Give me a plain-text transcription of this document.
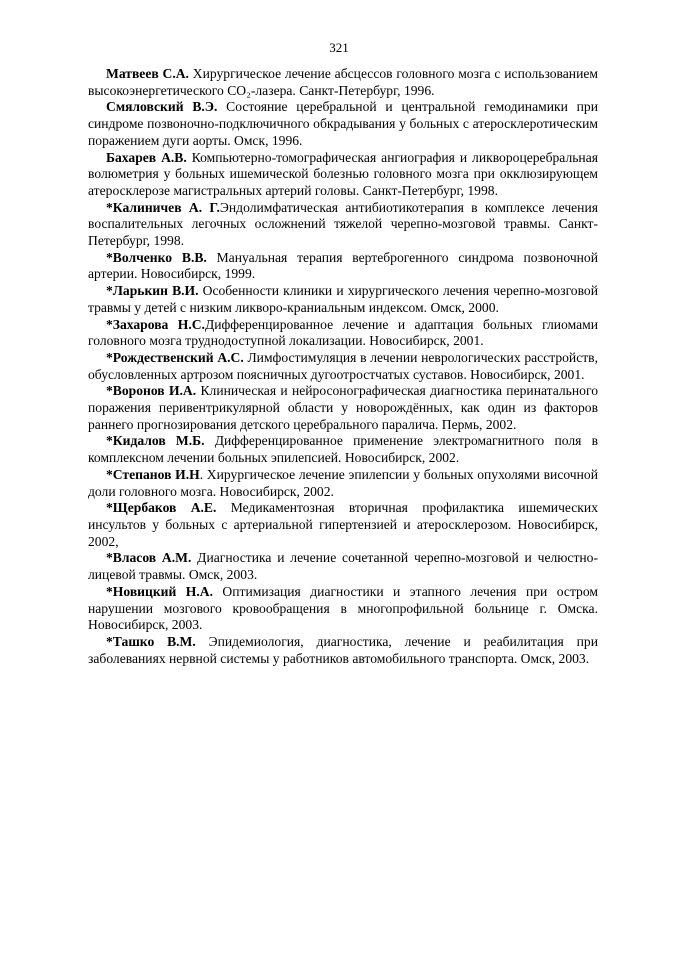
321

Матвеев С.А. Хирургическое лечение абсцессов головного мозга с использованием высокоэнергетического СО₂-лазера. Санкт-Петербург, 1996.

Смяловский В.Э. Состояние церебральной и центральной гемодинамики при синдроме позвоночно-подключичного обкрадывания у больных с атеросклеротическим поражением дуги аорты. Омск, 1996.

Бахарев А.В. Компьютерно-томографическая ангиография и ликвороцеребральная волюметрия у больных ишемической болезнью головного мозга при окклюзирующем атеросклерозе магистральных артерий головы. Санкт-Петербург, 1998.

*Калиничев А. Г.Эндолимфатическая антибиотикотерапия в комплексе лечения воспалительных легочных осложнений тяжелой черепно-мозговой травмы. Санкт-Петербург, 1998.

*Волченко В.В. Мануальная терапия вертеброгенного синдрома позвоночной артерии. Новосибирск, 1999.

*Ларькин В.И. Особенности клиники и хирургического лечения черепно-мозговой травмы у детей с низким ликворо-краниальным индексом. Омск, 2000.

*Захарова Н.С.Дифференцированное лечение и адаптация больных глиомами головного мозга труднодоступной локализации. Новосибирск, 2001.

*Рождественский А.С. Лимфостимуляция в лечении неврологических расстройств, обусловленных артрозом поясничных дугоотростчатых суставов. Новосибирск, 2001.

*Воронов И.А. Клиническая и нейросонографическая диагностика перинатального поражения перивентрикулярной области у новорождённых, как один из факторов раннего прогнозирования детского церебрального паралича. Пермь, 2002.

*Кидалов М.Б. Дифференцированное применение электромагнитного поля в комплексном лечении больных эпилепсией. Новосибирск, 2002.

*Степанов И.Н. Хирургическое лечение эпилепсии у больных опухолями височной доли головного мозга. Новосибирск, 2002.

*Щербаков А.Е. Медикаментозная вторичная профилактика ишемических инсультов у больных с артериальной гипертензией и атеросклерозом. Новосибирск, 2002,

*Власов А.М. Диагностика и лечение сочетанной черепно-мозговой и челюстно-лицевой травмы. Омск, 2003.

*Новицкий Н.А. Оптимизация диагностики и этапного лечения при остром нарушении мозгового кровообращения в многопрофильной больнице г. Омска. Новосибирск, 2003.

*Ташко В.М. Эпидемиология, диагностика, лечение и реабилитация при заболеваниях нервной системы у работников автомобильного транспорта. Омск, 2003.
